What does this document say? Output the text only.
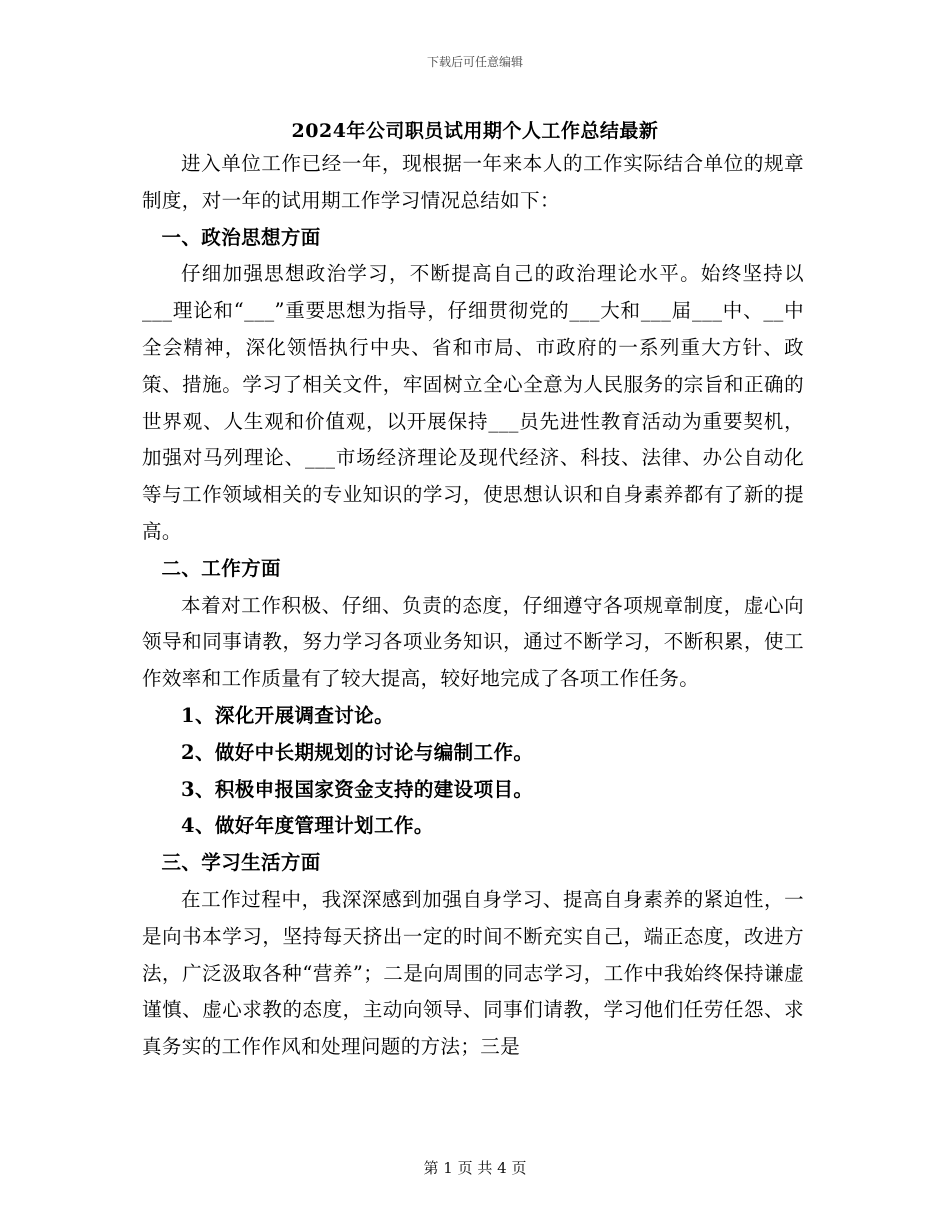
下载后可任意编辑
2024年公司职员试用期个人工作总结最新

进入单位工作已经一年，现根据一年来本人的工作实际结合单位的规章制度，对一年的试用期工作学习情况总结如下：

一、政治思想方面

仔细加强思想政治学习，不断提高自己的政治理论水平。始终坚持以___理论和“___”重要思想为指导，仔细贯彻党的___大和___届___中、__中全会精神，深化领悟执行中央、省和市局、市政府的一系列重大方针、政策、措施。学习了相关文件，牢固树立全心全意为人民服务的宗旨和正确的世界观、人生观和价值观，以开展保持___员先进性教育活动为重要契机，加强对马列理论、___市场经济理论及现代经济、科技、法律、办公自动化等与工作领域相关的专业知识的学习，使思想认识和自身素养都有了新的提高。

二、工作方面

本着对工作积极、仔细、负责的态度，仔细遵守各项规章制度，虚心向领导和同事请教，努力学习各项业务知识，通过不断学习，不断积累，使工作效率和工作质量有了较大提高，较好地完成了各项工作任务。

1、深化开展调查讨论。

2、做好中长期规划的讨论与编制工作。

3、积极申报国家资金支持的建设项目。

4、做好年度管理计划工作。

三、学习生活方面

在工作过程中，我深深感到加强自身学习、提高自身素养的紧迫性，一是向书本学习，坚持每天挤出一定的时间不断充实自己，端正态度，改进方法，广泛汲取各种“营养”；二是向周围的同志学习，工作中我始终保持谦虚谨慎、虚心求教的态度，主动向领导、同事们请教，学习他们任劳任怨、求真务实的工作作风和处理问题的方法；三是

第 1 页 共 4 页
